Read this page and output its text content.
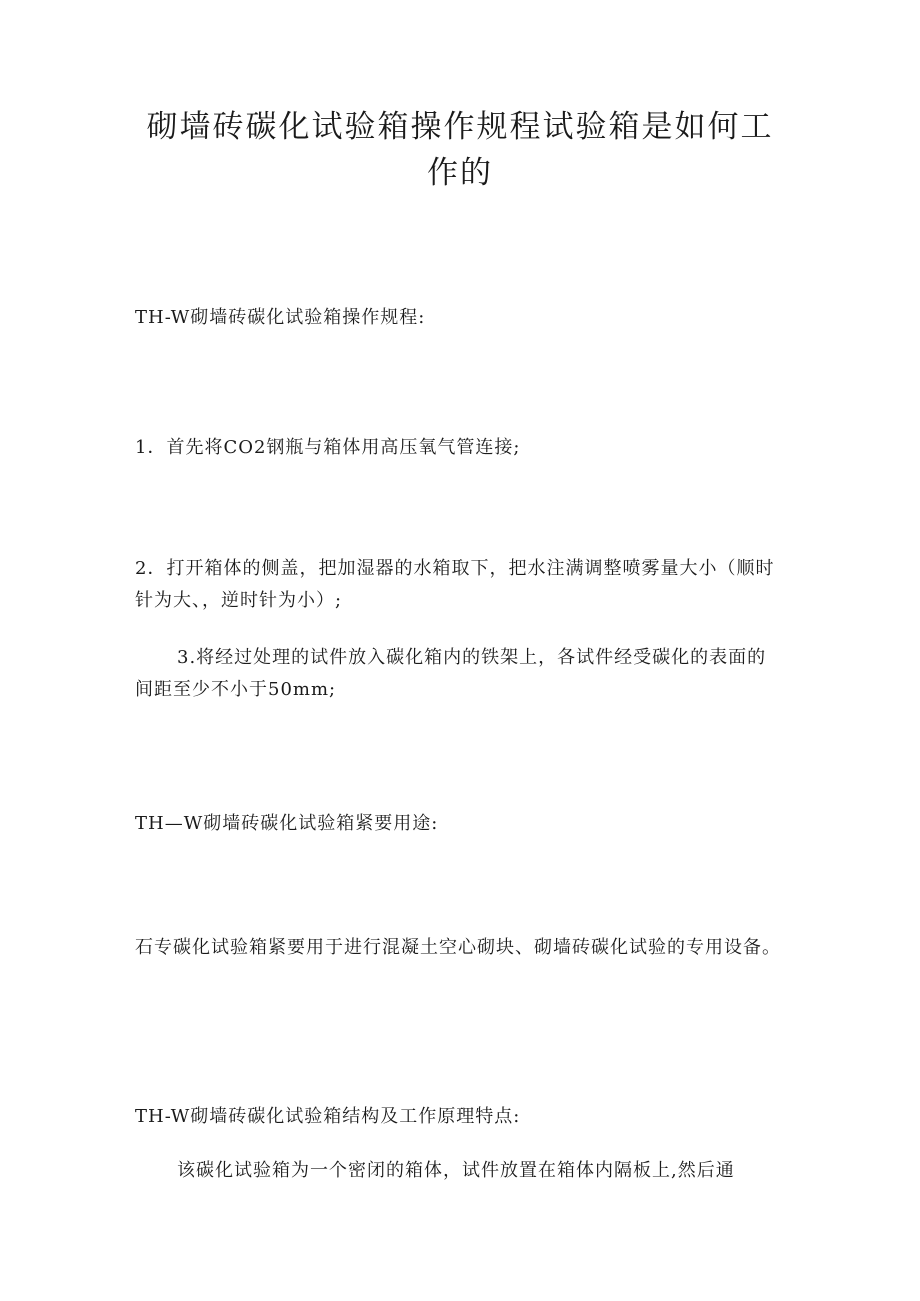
砌墙砖碳化试验箱操作规程试验箱是如何工作的

TH-W砌墙砖碳化试验箱操作规程:

1．首先将CO2钢瓶与箱体用高压氧气管连接;

2．打开箱体的侧盖，把加湿器的水箱取下，把水注满调整喷雾量大小（顺时针为大、，逆时针为小）;

3.将经过处理的试件放入碳化箱内的铁架上，各试件经受碳化的表面的间距至少不小于50mm;

TH—W砌墙砖碳化试验箱紧要用途:

石专碳化试验箱紧要用于进行混凝土空心砌块、砌墙砖碳化试验的专用设备。

TH-W砌墙砖碳化试验箱结构及工作原理特点:

该碳化试验箱为一个密闭的箱体，试件放置在箱体内隔板上,然后通
